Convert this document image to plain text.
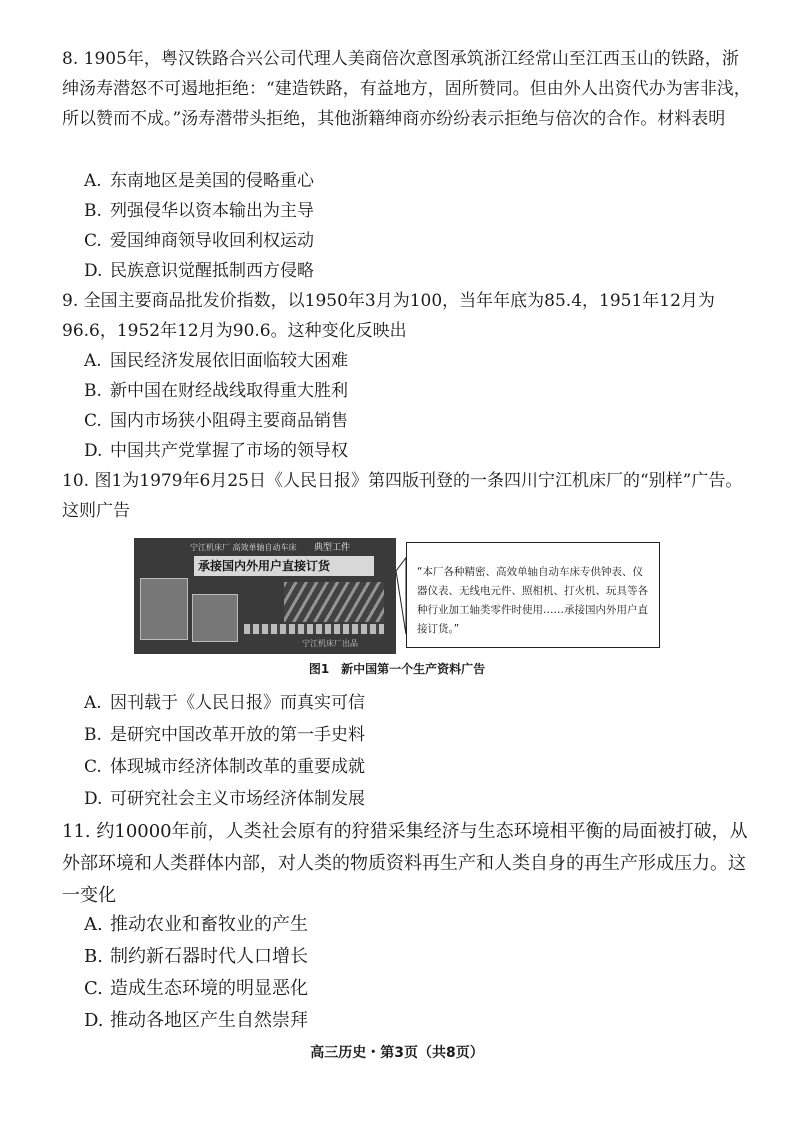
8. 1905年，粤汉铁路合兴公司代理人美商倍次意图承筑浙江经常山至江西玉山的铁路，浙绅汤寿潜怒不可遏地拒绝：“建造铁路，有益地方，固所赞同。但由外人出资代办为害非浅，所以赞而不成。”汤寿潜带头拒绝，其他浙籍绅商亦纷纷表示拒绝与倍次的合作。材料表明
A. 东南地区是美国的侵略重心
B. 列强侵华以资本输出为主导
C. 爱国绅商领导收回利权运动
D. 民族意识觉醒抵制西方侵略
9. 全国主要商品批发价指数，以1950年3月为100，当年年底为85.4，1951年12月为96.6，1952年12月为90.6。这种变化反映出
A. 国民经济发展依旧面临较大困难
B. 新中国在财经战线取得重大胜利
C. 国内市场狭小阻碍主要商品销售
D. 中国共产党掌握了市场的领导权
10. 图1为1979年6月25日《人民日报》第四版刊登的一条四川宁江机床厂的“别样”广告。这则广告
宁江机床厂 高效单轴自动车床 典型工件
承接国内外用户直接订货
宁江机床厂出品
“本厂各种精密、高效单轴自动车床专供钟表、仪器仪表、无线电元件、照相机、打火机、玩具等各种行业加工轴类零件时使用……承接国内外用户直接订货。”
图1　新中国第一个生产资料广告
A. 因刊载于《人民日报》而真实可信
B. 是研究中国改革开放的第一手史料
C. 体现城市经济体制改革的重要成就
D. 可研究社会主义市场经济体制发展
11. 约10000年前，人类社会原有的狩猎采集经济与生态环境相平衡的局面被打破，从外部环境和人类群体内部，对人类的物质资料再生产和人类自身的再生产形成压力。这一变化
A. 推动农业和畜牧业的产生
B. 制约新石器时代人口增长
C. 造成生态环境的明显恶化
D. 推动各地区产生自然崇拜
高三历史・第3页（共8页）
